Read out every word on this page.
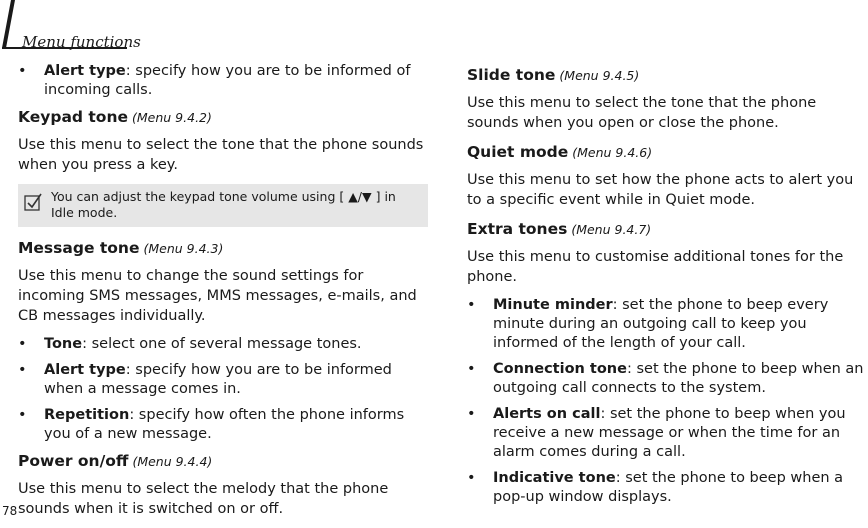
Menu functions
• Alert type: specify how you are to be informed of incoming calls.

Keypad tone (Menu 9.4.2)

Use this menu to select the tone that the phone sounds when you press a key.

You can adjust the keypad tone volume using [ ▲/▼ ] in Idle mode.

Message tone (Menu 9.4.3)

Use this menu to change the sound settings for incoming SMS messages, MMS messages, e-mails, and CB messages individually.

• Tone: select one of several message tones.
• Alert type: specify how you are to be informed when a message comes in.
• Repetition: specify how often the phone informs you of a new message.

Power on/off (Menu 9.4.4)

Use this menu to select the melody that the phone sounds when it is switched on or off.

Slide tone (Menu 9.4.5)

Use this menu to select the tone that the phone sounds when you open or close the phone.

Quiet mode (Menu 9.4.6)

Use this menu to set how the phone acts to alert you to a specific event while in Quiet mode.

Extra tones (Menu 9.4.7)

Use this menu to customise additional tones for the phone.

• Minute minder: set the phone to beep every minute during an outgoing call to keep you informed of the length of your call.
• Connection tone: set the phone to beep when an outgoing call connects to the system.
• Alerts on call: set the phone to beep when you receive a new message or when the time for an alarm comes during a call.
• Indicative tone: set the phone to beep when a pop-up window displays.
78
